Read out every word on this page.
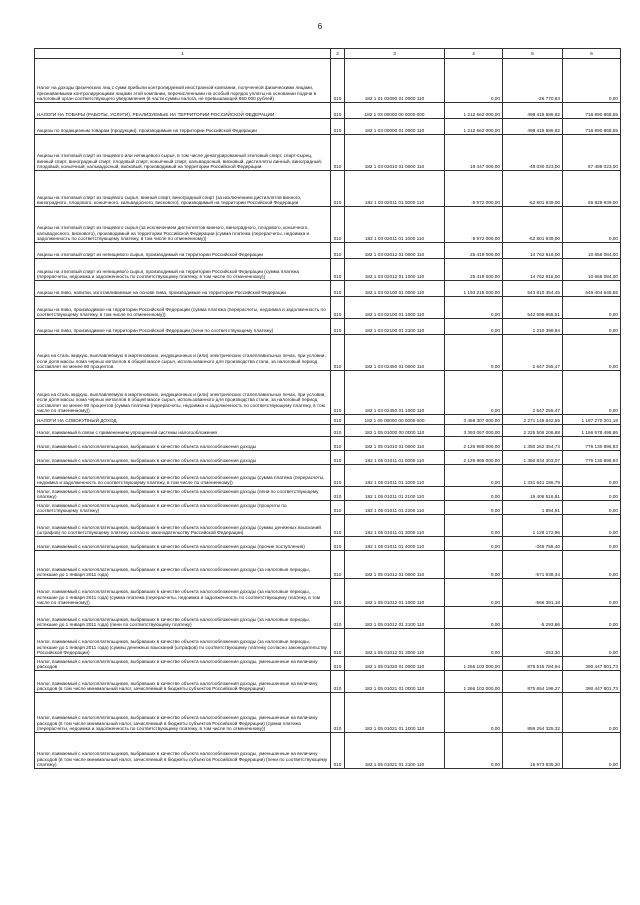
6
1	2	3	4	5	6
Налог на доходы физических лиц с сумм прибыли контролируемой иностранной компании, полученной физическими лицами, признаваемыми контролирующими лицами этой компании, перечисленными на особый порядок уплаты на основании подачи в налоговый орган соответствующего уведомления (в части суммы налога, не превышающей 650 000 рублей)	010	182 1 01 02090 01 0000 110	0,00	-26 770,63	0,00
НАЛОГИ НА ТОВАРЫ (РАБОТЫ, УСЛУГИ), РЕАЛИЗУЕМЫЕ НА ТЕРРИТОРИИ РОССИЙСКОЙ ФЕДЕРАЦИИ	010	182 1 03 00000 00 0000 000	1 212 662 000,00	498 418 586,92	716 890 868,55
Акцизы по подакцизным товарам (продукции), производимым на территории Российской Федерации	010	182 1 03 00000 01 0000 110	1 212 662 000,00	498 418 586,92	716 890 868,55
Акцизы на этиловый спирт из пищевого или непищевого сырья, в том числе денатурированный этиловый спирт, спирт-сырец, винный спирт, виноградный спирт, плодовый спирт, коньячный спирт, кальвадосный, висковый, дистилляты винный, виноградный, плодовый, коньячный, кальвадосный, висковый, производимый на территории Российской Федерации	010	182 1 03 02010 01 0000 110	19 447 000,00	-48 030 023,00	67 488 023,00
Акцизы на этиловый спирт из пищевого сырья, винный спирт, виноградный спирт (за исключением дистиллятов винного, виноградного, плодового, коньячного, кальвадосного, вискового), производимый на территории Российской Федерации	010	182 1 03 02011 01 0000 110	-5 972 000,00	-62 801 939,00	56 829 939,00
Акцизы на этиловый спирт из пищевого сырья (за исключением дистиллятов винного, виноградного, плодового, коньячного, кальвадосного, вискового), производимый на территории Российской Федерации (сумма платежа (перерасчеты, недоимка и задолженность по соответствующему платежу, в том числе по отмененному))	010	182 1 03 02011 01 1000 110	-5 972 000,00	-62 801 939,00	0,00
Акцизы на этиловый спирт из непищевого сырья, производимый на территории Российской Федерации	010	182 1 03 02012 01 0000 110	25 419 000,00	14 762 916,00	10 656 084,00
Акцизы на этиловый спирт из непищевого сырья, производимый на территории Российской Федерации (сумма платежа (перерасчеты, недоимка и задолженность по соответствующему платежу, в том числе по отмененному))	010	182 1 03 02012 01 1000 110	25 419 000,00	14 762 916,00	10 656 084,00
Акцизы на пиво, напитки, изготавливаемые на основе пива, производимые на территории Российской Федерации	010	182 1 03 02100 01 0000 110	1 193 215 000,00	543 810 354,45	649 404 645,55
Акцизы на пиво, производимое на территории Российской Федерации (сумма платежа (перерасчеты, недоимка и задолженность по соответствующему платежу, в том числе по отмененному))	010	182 1 03 02100 01 1000 110	0,00	542 599 955,51	0,00
Акцизы на пиво, производимое на территории Российской Федерации (пени по соответствующему платежу)	010	182 1 03 02100 01 2100 110	0,00	1 210 398,94	0,00
Акциз на сталь жидкую, выплавляемую в мартеновских, индукционных и (или) электрических сталеплавильных печах, при условии, если доля массы лома черных металлов в общей массе сырья, использованного для производства стали, за налоговый период составляет не менее 80 процентов	010	182 1 03 02450 01 0000 110	0,00	2 647 255,47	0,00
Акциз на сталь жидкую, выплавляемую в мартеновских, индукционных и (или) электрических сталеплавильных печах, при условии, если доля массы лома черных металлов в общей массе сырья, использованного для производства стали, за налоговый период составляет не менее 80 процентов (сумма платежа (перерасчеты, недоимка и задолженность по соответствующему платежу, в том числе по отмененному))	010	182 1 03 02450 01 1000 110	0,00	2 647 255,47	0,00
НАЛОГИ НА СОВОКУПНЫЙ ДОХОД	010	182 1 05 00000 00 0000 000	3 459 307 000,00	2 271 149 842,55	1 187 270 201,18
Налог, взимаемый в связи с применением упрощенной системы налогообложения	010	182 1 05 01000 00 0000 110	3 393 067 000,00	2 225 506 206,88	1 166 578 498,86
Налог, взимаемый с налогоплательщиков, выбравших в качестве объекта налогообложения доходы	010	182 1 05 01010 01 0000 110	2 126 965 000,00	1 350 262 364,73	776 130 896,93
Налог, взимаемый с налогоплательщиков, выбравших в качестве объекта налогообложения доходы	010	182 1 05 01011 01 0000 110	2 126 965 000,00	1 350 834 303,07	776 130 896,93
Налог, взимаемый с налогоплательщиков, выбравших в качестве объекта налогообложения доходы (сумма платежа (перерасчеты, недоимка и задолженность по соответствующему платежу, в том числе по отмененному))	010	182 1 05 01011 01 1000 110	0,00	1 331 641 186,79	0,00
Налог, взимаемый с налогоплательщиков, выбравших в качестве объекта налогообложения доходы (пени по соответствующему платежу)	010	182 1 05 01011 01 2100 110	0,00	19 406 516,81	0,00
Налог, взимаемый с налогоплательщиков, выбравших в качестве объекта налогообложения доходы (проценты по соответствующему платежу)	010	182 1 05 01011 01 2200 110	0,00	1 894,91	0,00
Налог, взимаемый с налогоплательщиков, выбравших в качестве объекта налогообложения доходы (суммы денежных взысканий (штрафов) по соответствующему платежу согласно законодательству Российской Федерации)	010	182 1 05 01011 01 3000 110	0,00	1 128 172,96	0,00
Налог, взимаемый с налогоплательщиков, выбравших в качестве объекта налогообложения доходы (прочие поступления)	010	182 1 05 01011 01 4000 110	0,00	-345 758,40	0,00
Налог, взимаемый с налогоплательщиков, выбравших в качестве объекта налогообложения доходы (за налоговые периоды, истекшие до 1 января 2011 года)	010	182 1 05 01012 01 0000 110	0,00	-571 938,34	0,00
Налог, взимаемый с налогоплательщиков, выбравших в качестве объекта налогообложения доходы (за налоговые периоды, истекшие до 1 января 2011 года) (сумма платежа (перерасчеты, недоимка и задолженность по соответствующему платежу, в том числе по отмененному))	010	182 1 05 01012 01 1000 110	0,00	-566 391,18	0,00
Налог, взимаемый с налогоплательщиков, выбравших в качестве объекта налогообложения доходы (за налоговые периоды, истекшие до 1 января 2011 года) (пени по соответствующему платежу)	010	182 1 05 01012 01 2100 110	0,00	-5 293,86	0,00
Налог, взимаемый с налогоплательщиков, выбравших в качестве объекта налогообложения доходы (за налоговые периоды, истекшие до 1 января 2011 года) (суммы денежных взысканий (штрафов) по соответствующему платежу согласно законодательству Российской Федерации)	010	182 1 05 01012 01 3000 110	0,00	-253,30	0,00
Налог, взимаемый с налогоплательщиков, выбравших в качестве объекта налогообложения доходы, уменьшенные на величину расходов	010	182 1 05 01020 01 0000 110	1 266 102 000,00	875 515 784,94	390 447 801,73
Налог, взимаемый с налогоплательщиков, выбравших в качестве объекта налогообложения доходы, уменьшенные на величину расходов (в том числе минимальный налог, зачисляемый в бюджеты субъектов Российской Федерации)	010	182 1 05 01021 01 0000 110	1 266 102 000,00	875 654 198,27	390 447 801,73
Налог, взимаемый с налогоплательщиков, выбравших в качестве объекта налогообложения доходы, уменьшенные на величину расходов (в том числе минимальный налог, зачисляемый в бюджеты субъектов Российской Федерации) (сумма платежа (перерасчеты, недоимка и задолженность по соответствующему платежу, в том числе по отмененному))	010	182 1 05 01021 01 1000 110	0,00	859 254 325,32	0,00
Налог, взимаемый с налогоплательщиков, выбравших в качестве объекта налогообложения доходы, уменьшенные на величину расходов (в том числе минимальный налог, зачисляемый в бюджеты субъектов Российской Федерации) (пени по соответствующему платежу)	010	182 1 05 01021 01 2100 110	0,00	15 973 835,20	0,00
